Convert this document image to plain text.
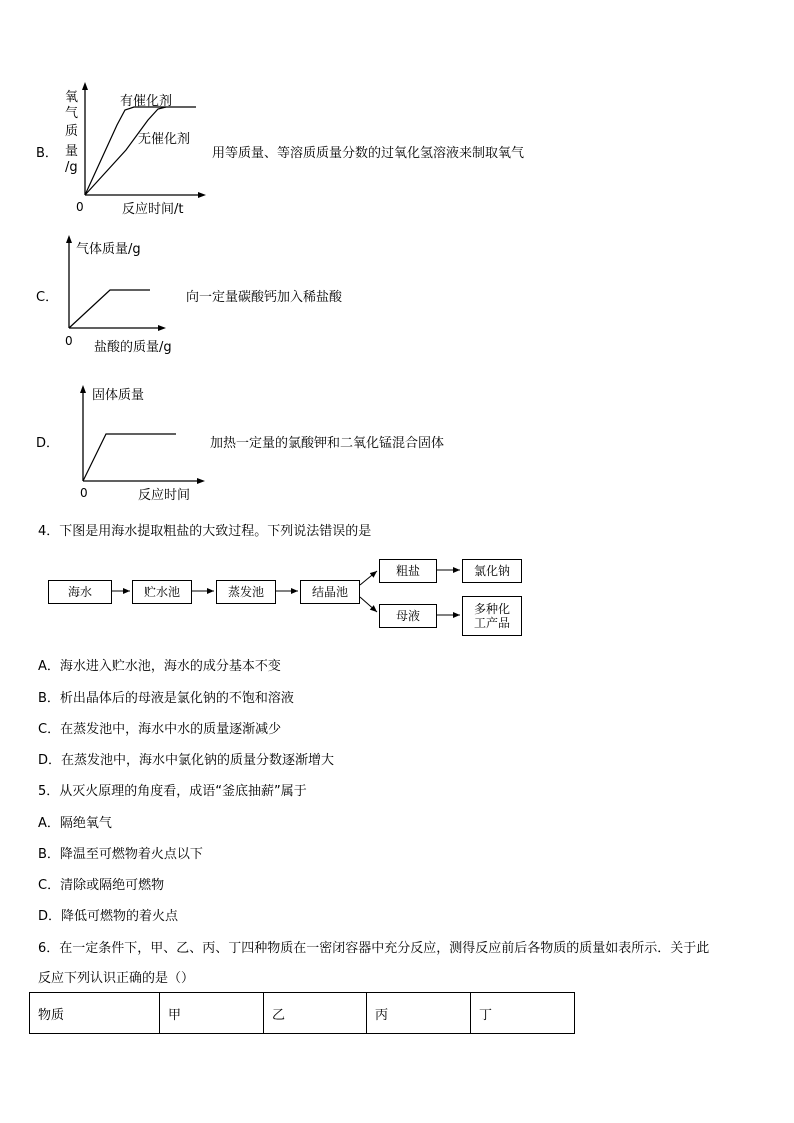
B．
氧
气
质
量
/g
0	反应时间/t
有催化剂
无催化剂
用等质量、等溶质质量分数的过氧化氢溶液来制取氧气
C．
气体质量/g
0 盐酸的质量/g
向一定量碳酸钙加入稀盐酸
D．
固体质量
0	反应时间
加热一定量的氯酸钾和二氧化锰混合固体
4．下图是用海水提取粗盐的大致过程。下列说法错误的是
海水	贮水池	蒸发池	结晶池
粗盐	氯化钠
母液	多种化
工产品
A．海水进入贮水池，海水的成分基本不变
B．析出晶体后的母液是氯化钠的不饱和溶液
C．在蒸发池中，海水中水的质量逐渐减少
D．在蒸发池中，海水中氯化钠的质量分数逐渐增大
5．从灭火原理的角度看，成语“釜底抽薪”属于
A．隔绝氧气
B．降温至可燃物着火点以下
C．清除或隔绝可燃物
D．降低可燃物的着火点
6．在一定条件下，甲、乙、丙、丁四种物质在一密闭容器中充分反应，测得反应前后各物质的质量如表所示．关于此
反应下列认识正确的是（）
物质	甲	乙	丙	丁
